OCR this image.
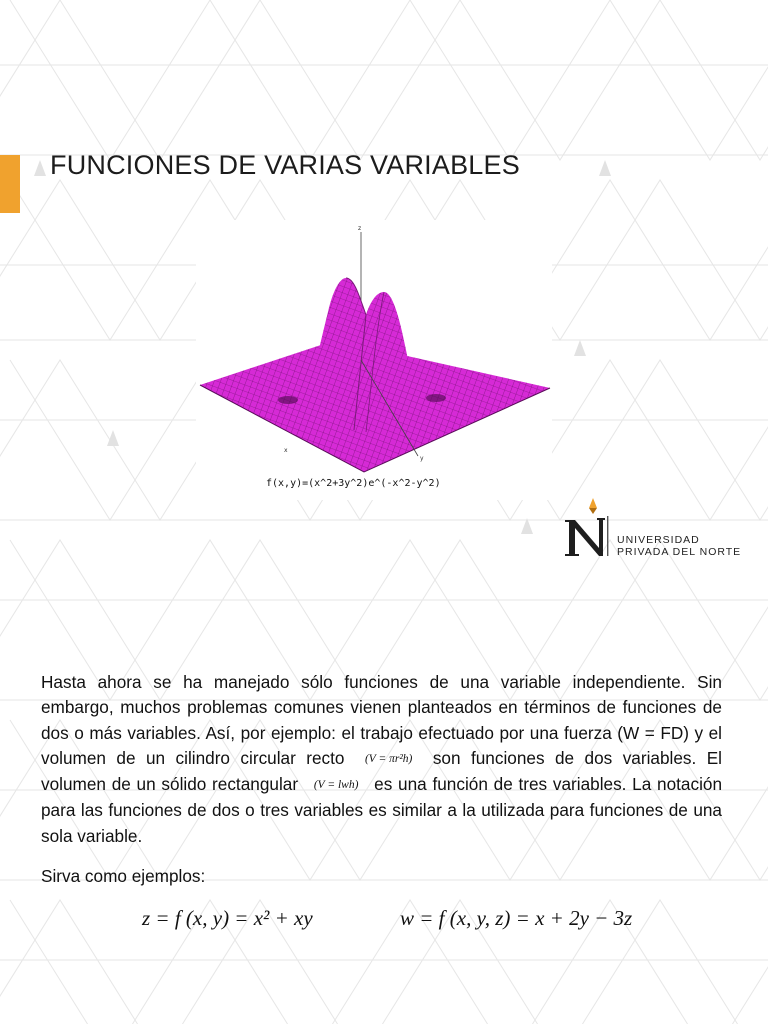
FUNCIONES DE VARIAS VARIABLES
z
x
y
f(x,y)=(x^2+3y^2)e^(-x^2-y^2)
UNIVERSIDAD
PRIVADA DEL NORTE

Hasta ahora se ha manejado sólo funciones de una variable independiente. Sin embargo, muchos problemas comunes vienen planteados en términos de funciones de dos o más variables. Así, por ejemplo: el trabajo efectuado por una fuerza (W = FD) y el volumen de un cilindro circular recto (V = πr²h) son funciones de dos variables. El volumen de un sólido rectangular (V = lwh) es una función de tres variables. La notación para las funciones de dos o tres variables es similar a la utilizada para funciones de una sola variable.

Sirva como ejemplos:
z = f (x, y) = x² + xy	w = f (x, y, z) = x + 2y − 3z
